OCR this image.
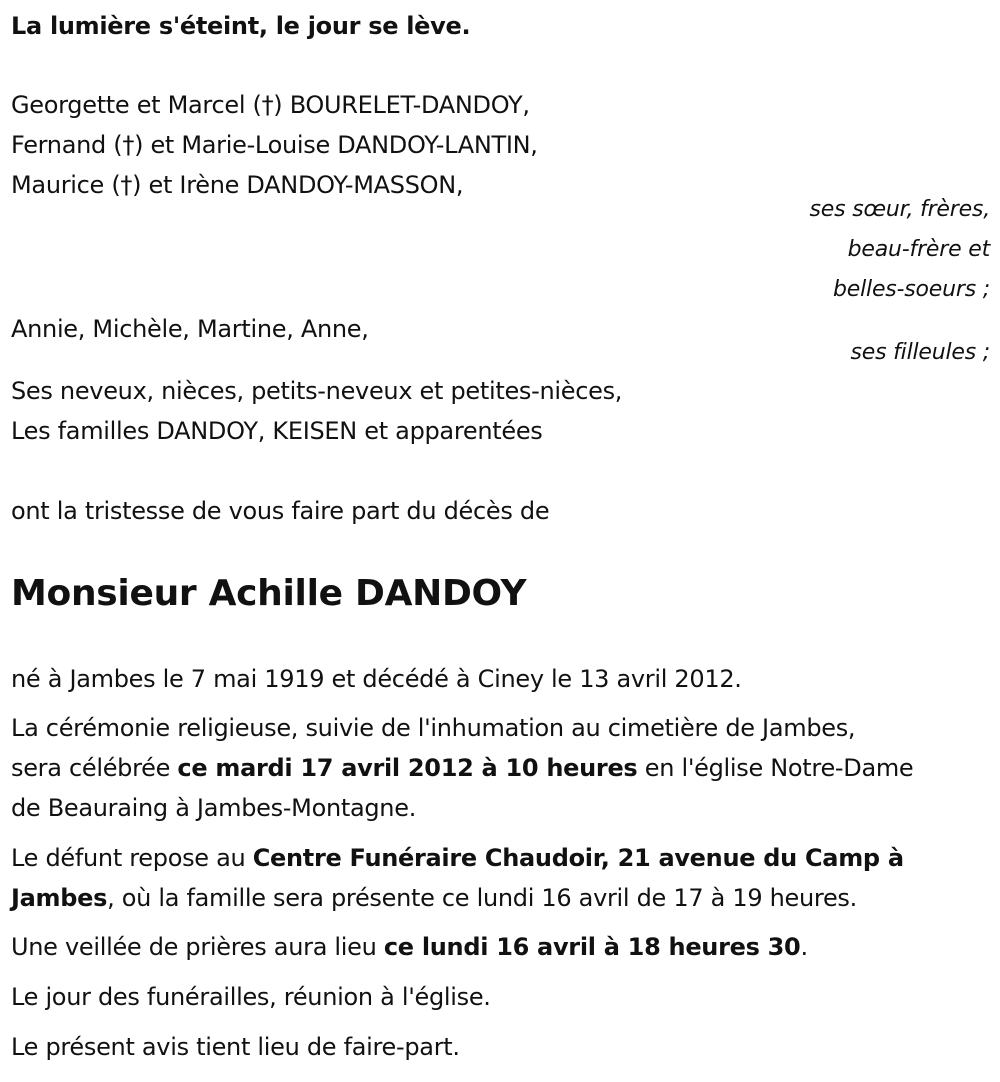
La lumière s'éteint, le jour se lève.
Georgette et Marcel (†) BOURELET-DANDOY,
Fernand (†) et Marie-Louise DANDOY-LANTIN,
Maurice (†) et Irène DANDOY-MASSON,
ses sœur, frères,
beau-frère et
belles-soeurs ;
Annie, Michèle, Martine, Anne,
ses filleules ;
Ses neveux, nièces, petits-neveux et petites-nièces,
Les familles DANDOY, KEISEN et apparentées
ont la tristesse de vous faire part du décès de
Monsieur Achille DANDOY
né à Jambes le 7 mai 1919 et décédé à Ciney le 13 avril 2012.
La cérémonie religieuse, suivie de l'inhumation au cimetière de Jambes,
sera célébrée ce mardi 17 avril 2012 à 10 heures en l'église Notre-Dame
de Beauraing à Jambes-Montagne.
Le défunt repose au Centre Funéraire Chaudoir, 21 avenue du Camp à
Jambes, où la famille sera présente ce lundi 16 avril de 17 à 19 heures.
Une veillée de prières aura lieu ce lundi 16 avril à 18 heures 30.
Le jour des funérailles, réunion à l'église.
Le présent avis tient lieu de faire-part.
